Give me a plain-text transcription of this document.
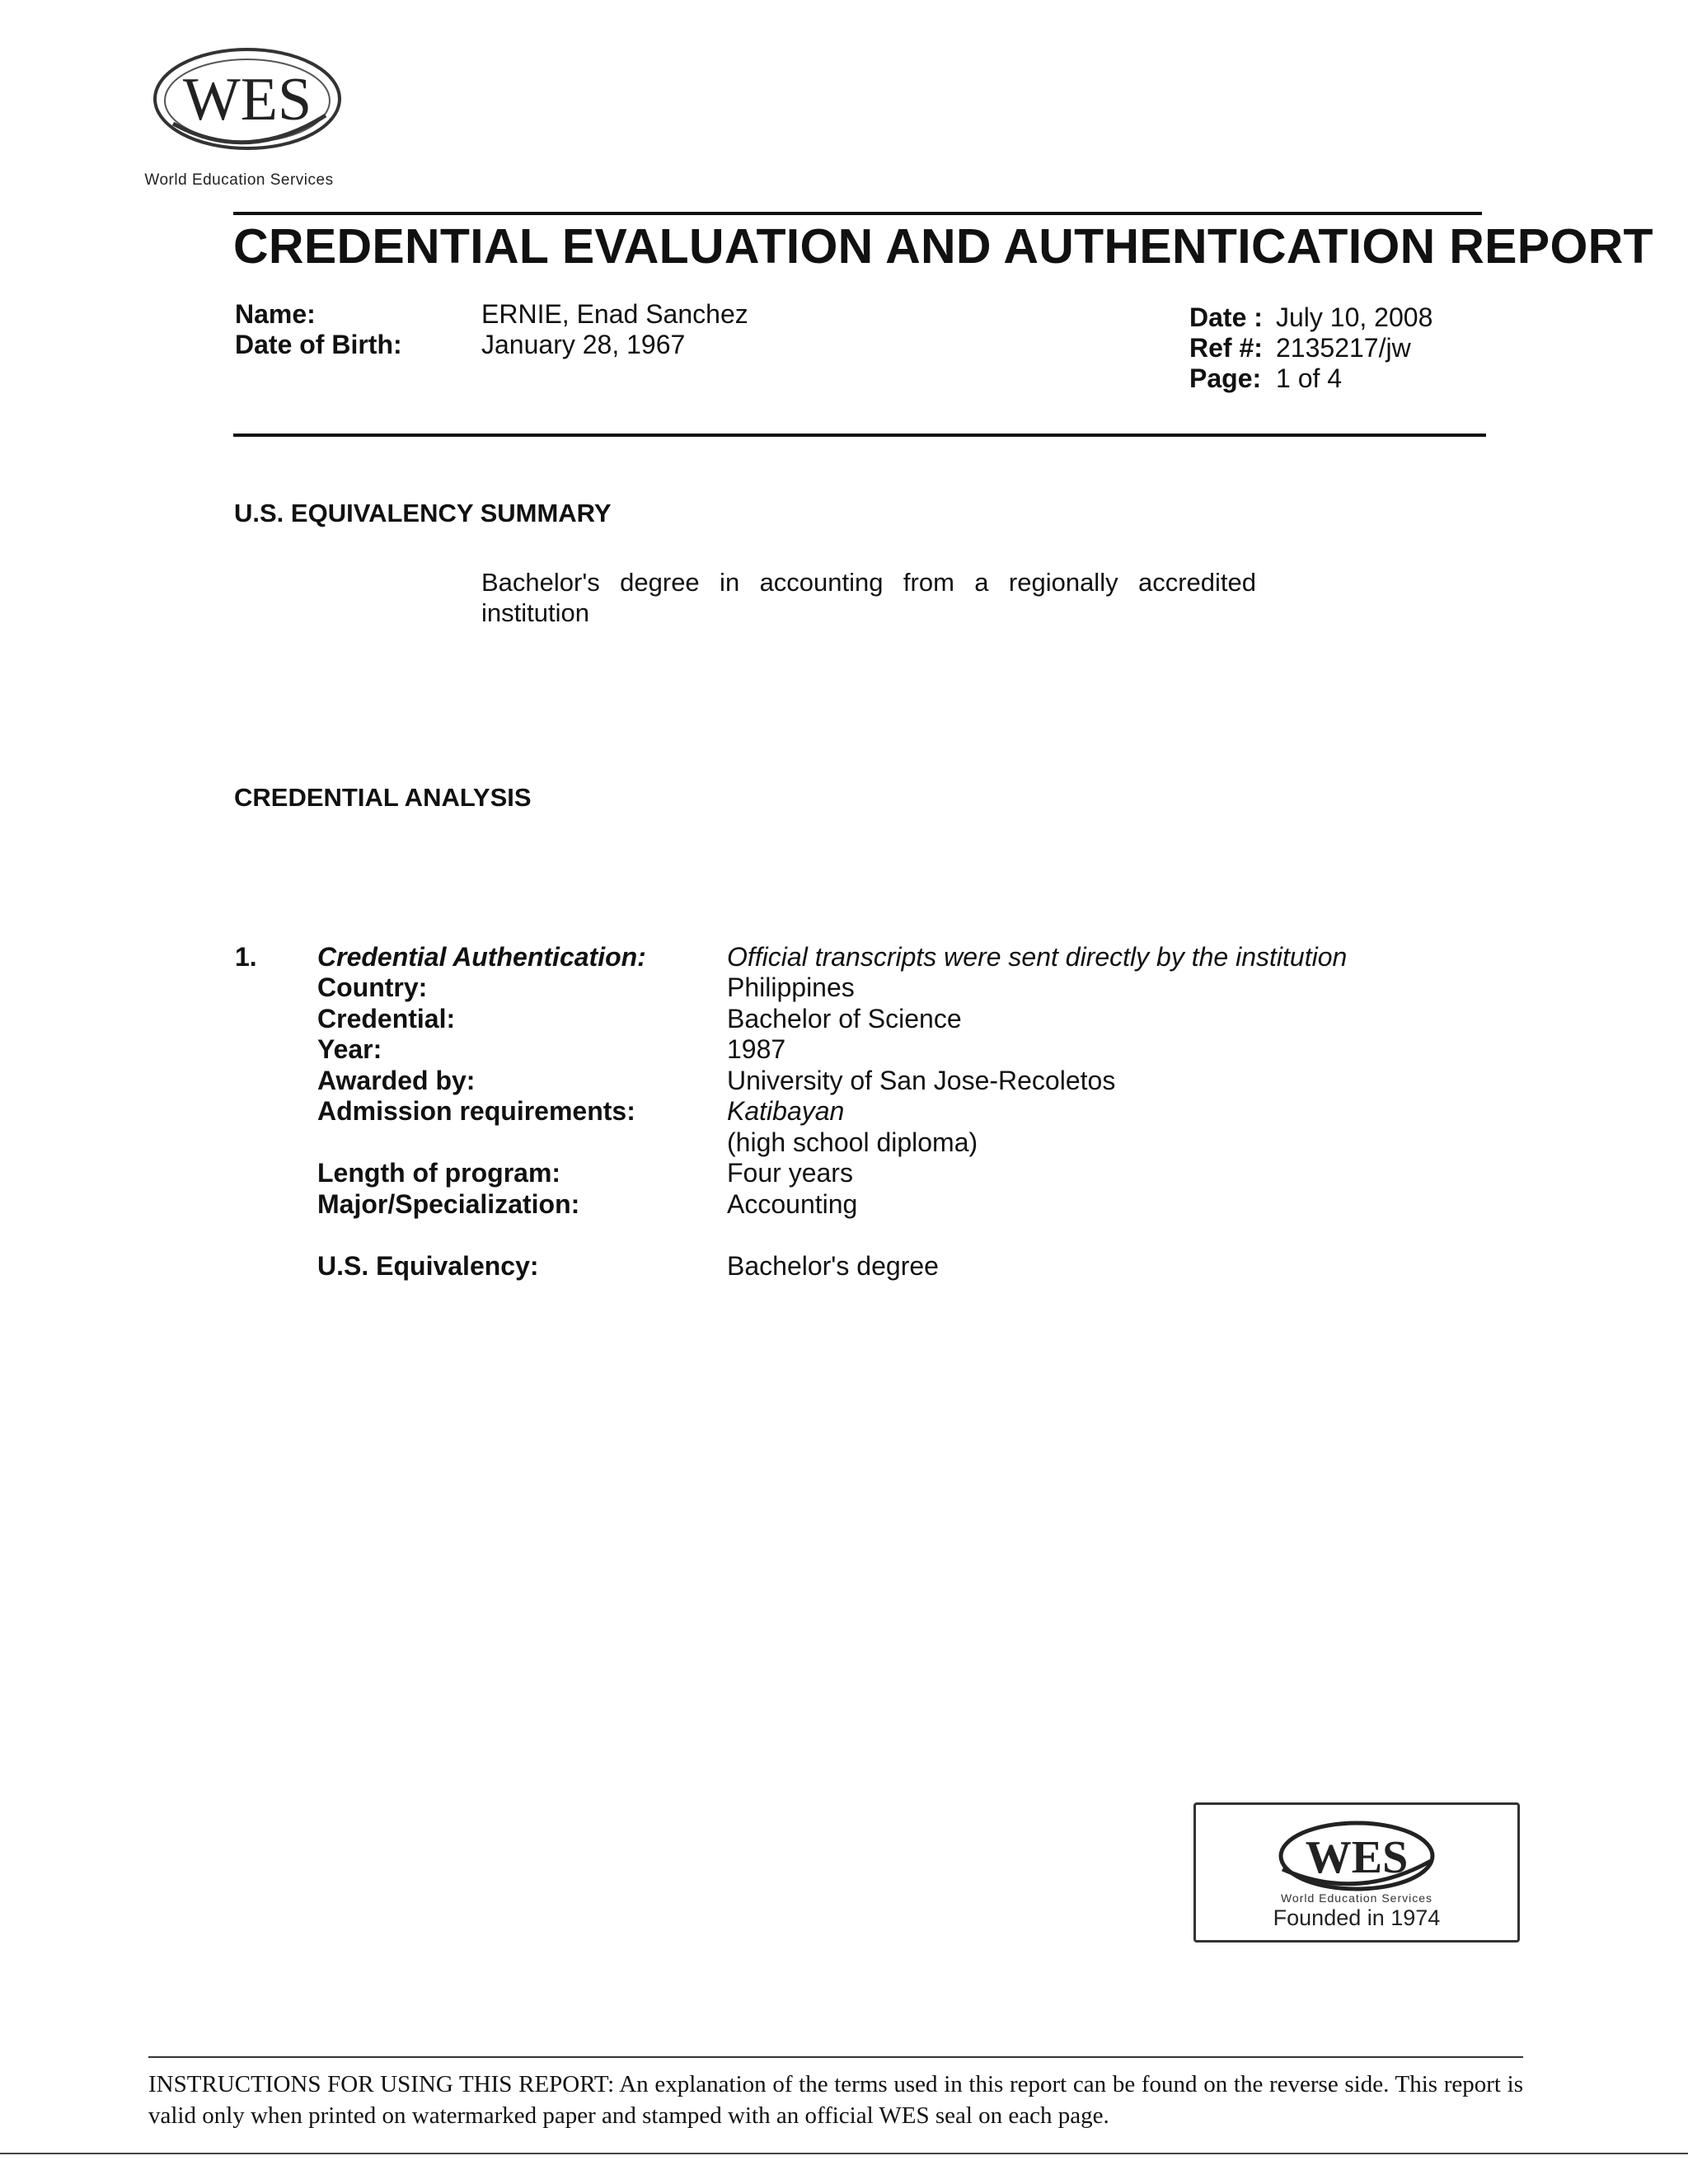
WES
World Education Services
CREDENTIAL EVALUATION AND AUTHENTICATION REPORT
Name:	ERNIE, Enad Sanchez
Date of Birth:	January 28, 1967
Date : July 10, 2008
Ref #: 2135217/jw
Page: 1 of 4
U.S. EQUIVALENCY SUMMARY
Bachelor's degree in accounting from a regionally accredited
institution
CREDENTIAL ANALYSIS
1. Credential Authentication:	Official transcripts were sent directly by the institution
Country:	Philippines
Credential:	Bachelor of Science
Year:	1987
Awarded by:	University of San Jose-Recoletos
Admission requirements:	Katibayan
(high school diploma)
Length of program:	Four years
Major/Specialization:	Accounting
U.S. Equivalency:	Bachelor's degree
WES
World Education Services
Founded in 1974
INSTRUCTIONS FOR USING THIS REPORT: An explanation of the terms used in this report can be found on the reverse side. This report is valid only when printed on watermarked paper and stamped with an official WES seal on each page.
